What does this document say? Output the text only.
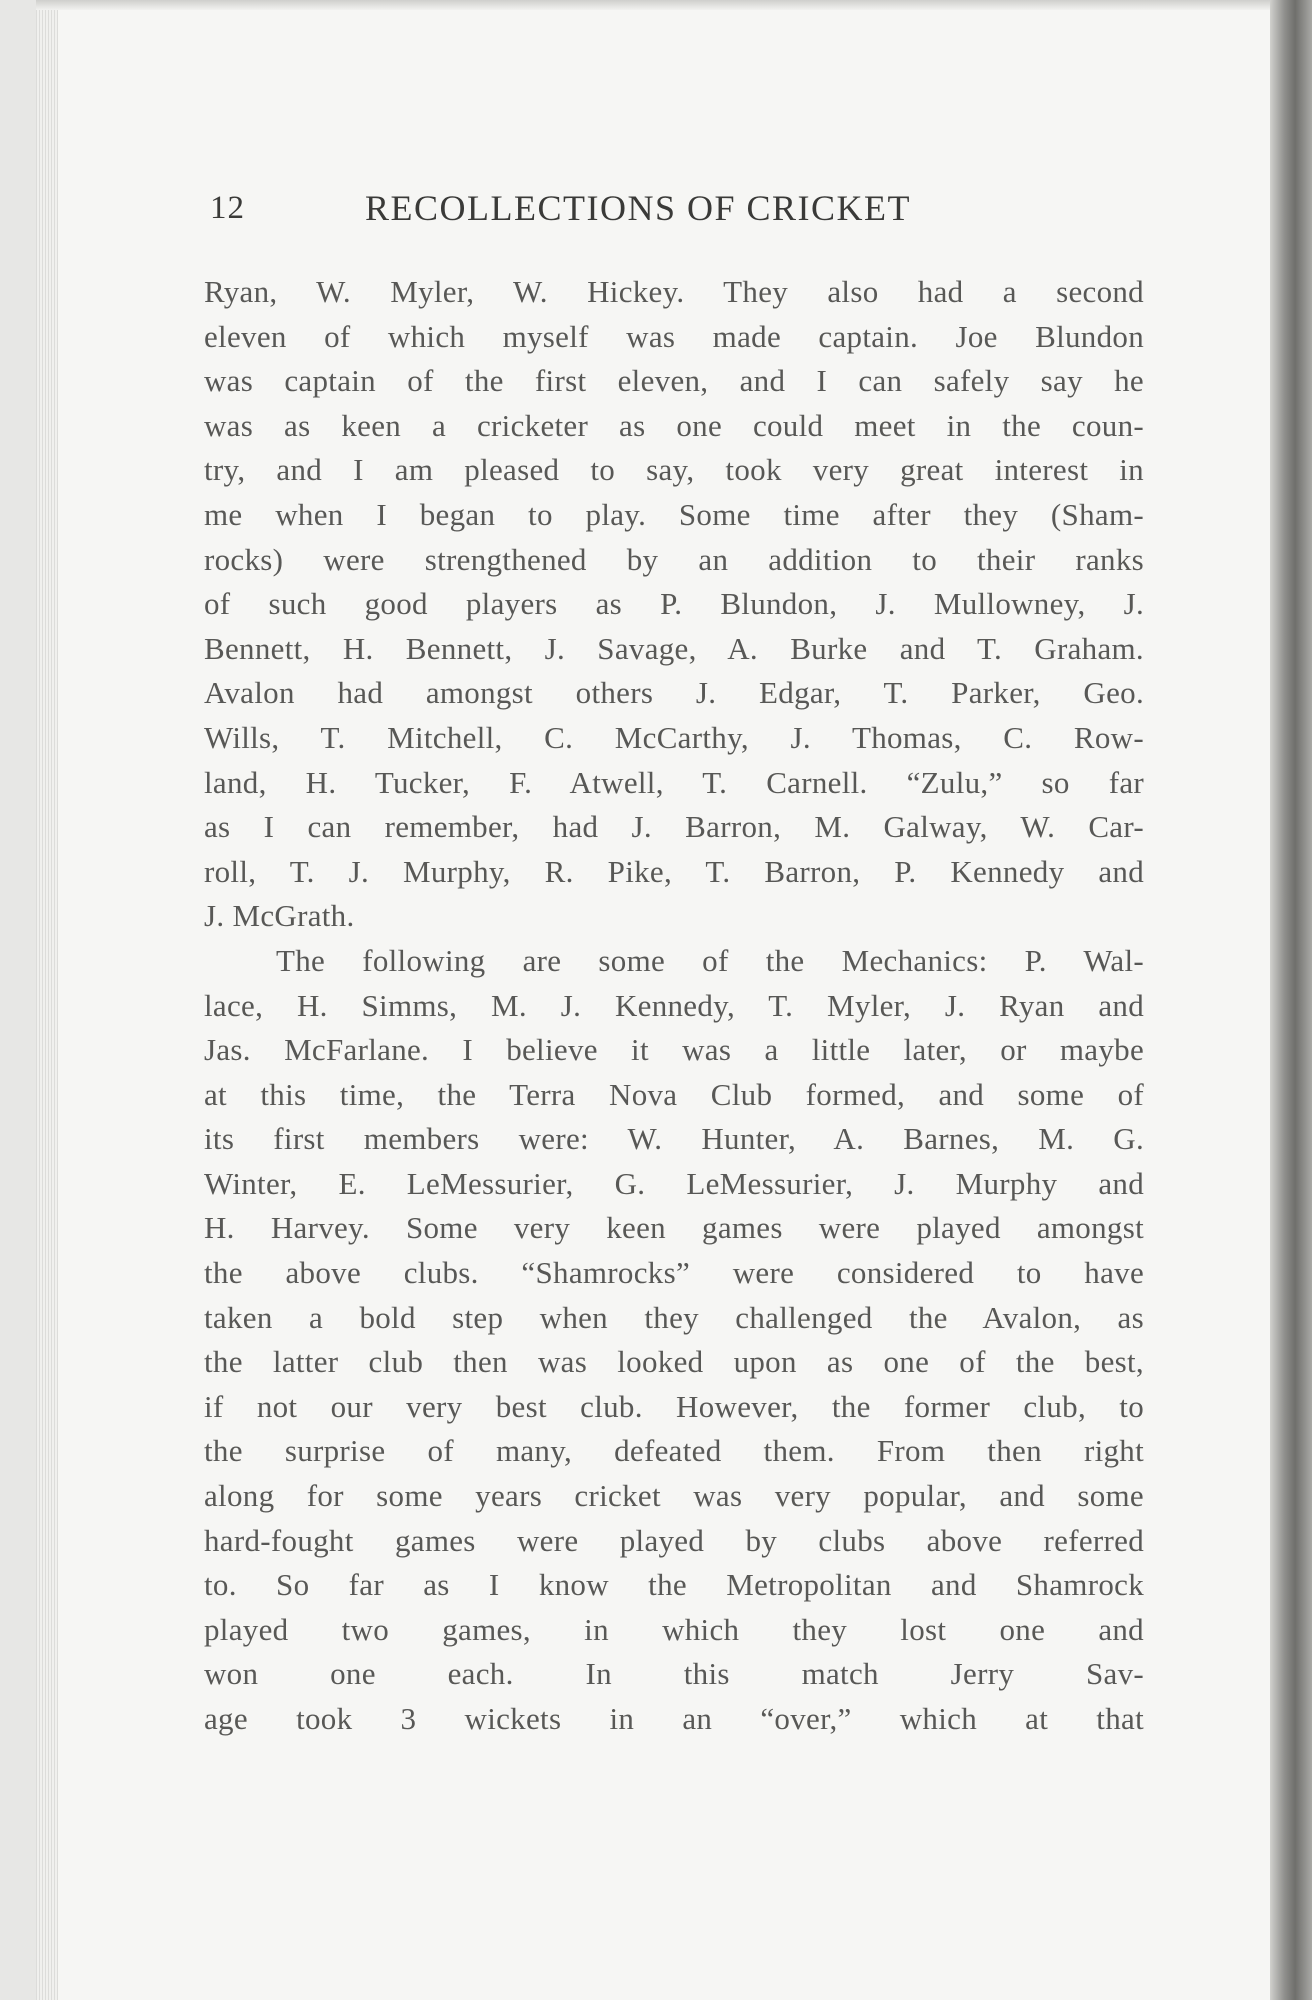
12	RECOLLECTIONS OF CRICKET
Ryan, W. Myler, W. Hickey. They also had a second
eleven of which myself was made captain. Joe Blundon
was captain of the first eleven, and I can safely say he
was as keen a cricketer as one could meet in the coun-
try, and I am pleased to say, took very great interest in
me when I began to play. Some time after they (Sham-
rocks) were strengthened by an addition to their ranks
of such good players as P. Blundon, J. Mullowney, J.
Bennett, H. Bennett, J. Savage, A. Burke and T. Graham.
Avalon had amongst others J. Edgar, T. Parker, Geo.
Wills, T. Mitchell, C. McCarthy, J. Thomas, C. Row-
land, H. Tucker, F. Atwell, T. Carnell. “Zulu,” so far
as I can remember, had J. Barron, M. Galway, W. Car-
roll, T. J. Murphy, R. Pike, T. Barron, P. Kennedy and
J. McGrath.
The following are some of the Mechanics: P. Wal-
lace, H. Simms, M. J. Kennedy, T. Myler, J. Ryan and
Jas. McFarlane. I believe it was a little later, or maybe
at this time, the Terra Nova Club formed, and some of
its first members were: W. Hunter, A. Barnes, M. G.
Winter, E. LeMessurier, G. LeMessurier, J. Murphy and
H. Harvey. Some very keen games were played amongst
the above clubs. “Shamrocks” were considered to have
taken a bold step when they challenged the Avalon, as
the latter club then was looked upon as one of the best,
if not our very best club. However, the former club, to
the surprise of many, defeated them. From then right
along for some years cricket was very popular, and some
hard-fought games were played by clubs above referred
to. So far as I know the Metropolitan and Shamrock
played two games, in which they lost one and
won one each. In this match Jerry Sav-
age took 3 wickets in an “over,” which at that
